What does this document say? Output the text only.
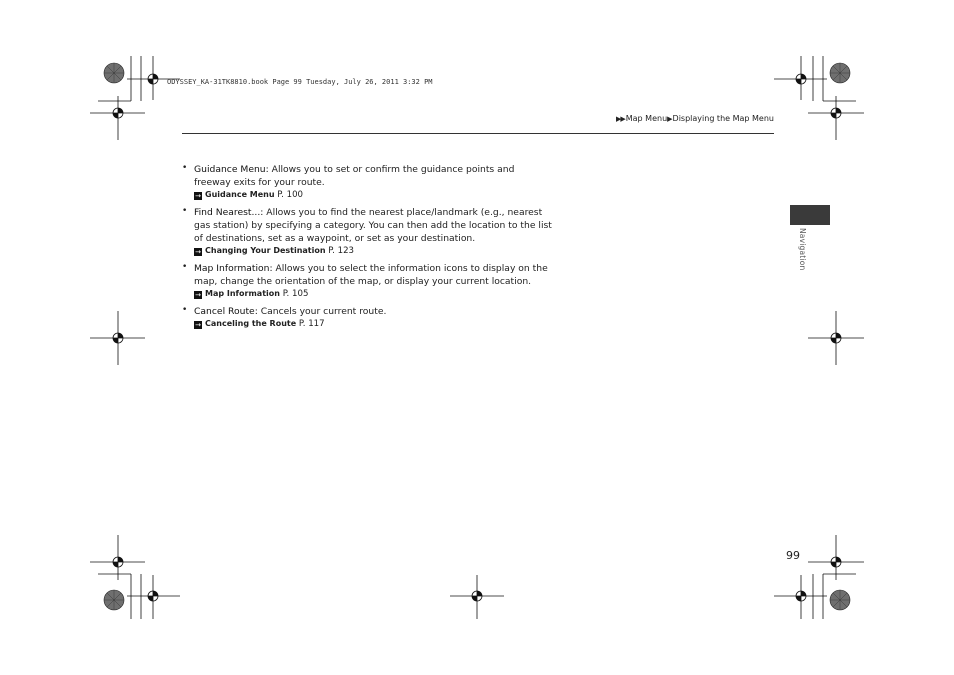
ODYSSEY_KA-31TK8810.book Page 99 Tuesday, July 26, 2011 3:32 PM
▶▶Map Menu▶Displaying the Map Menu
• Guidance Menu: Allows you to set or confirm the guidance points and freeway exits for your route.
→ Guidance Menu P. 100
• Find Nearest...: Allows you to find the nearest place/landmark (e.g., nearest gas station) by specifying a category. You can then add the location to the list of destinations, set as a waypoint, or set as your destination.
→ Changing Your Destination P. 123
• Map Information: Allows you to select the information icons to display on the map, change the orientation of the map, or display your current location.
→ Map Information P. 105
• Cancel Route: Cancels your current route.
→ Canceling the Route P. 117
Navigation
99
